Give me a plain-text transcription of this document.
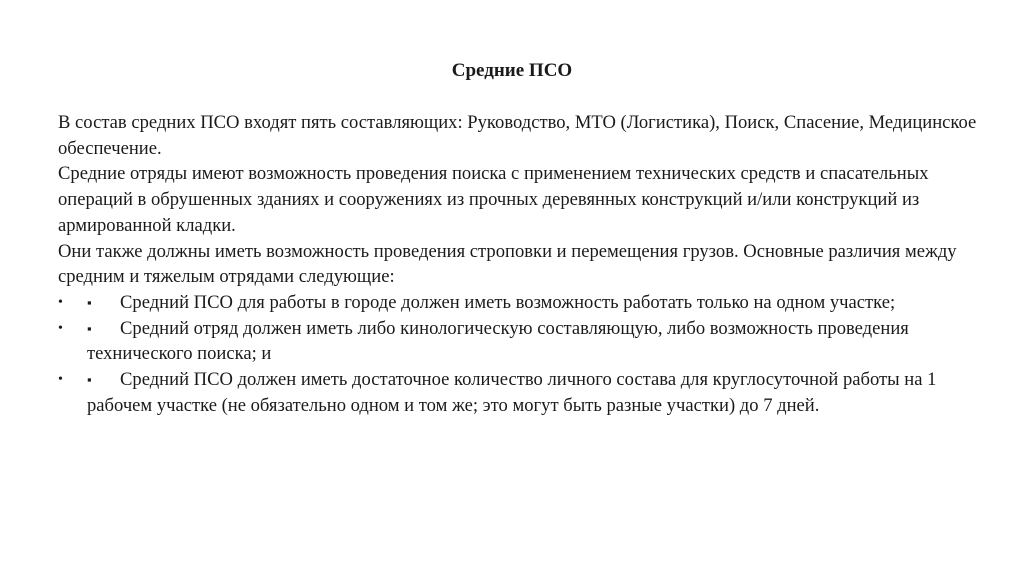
Средние ПСО

В состав средних ПСО входят пять составляющих: Руководство, МТО (Логистика), Поиск, Спасение, Медицинское обеспечение.

Средние отряды имеют возможность проведения поиска с применением технических средств и спасательных операций в обрушенных зданиях и сооружениях из прочных деревянных конструкций и/или конструкций из армированной кладки.

Они также должны иметь возможность проведения строповки и перемещения грузов. Основные различия между средним и тяжелым отрядами следующие:

• ▪ Средний ПСО для работы в городе должен иметь возможность работать только на одном участке;
• ▪ Средний отряд должен иметь либо кинологическую составляющую, либо возможность проведения технического поиска; и
• ▪ Средний ПСО должен иметь достаточное количество личного состава для круглосуточной работы на 1 рабочем участке (не обязательно одном и том же; это могут быть разные участки) до 7 дней.
